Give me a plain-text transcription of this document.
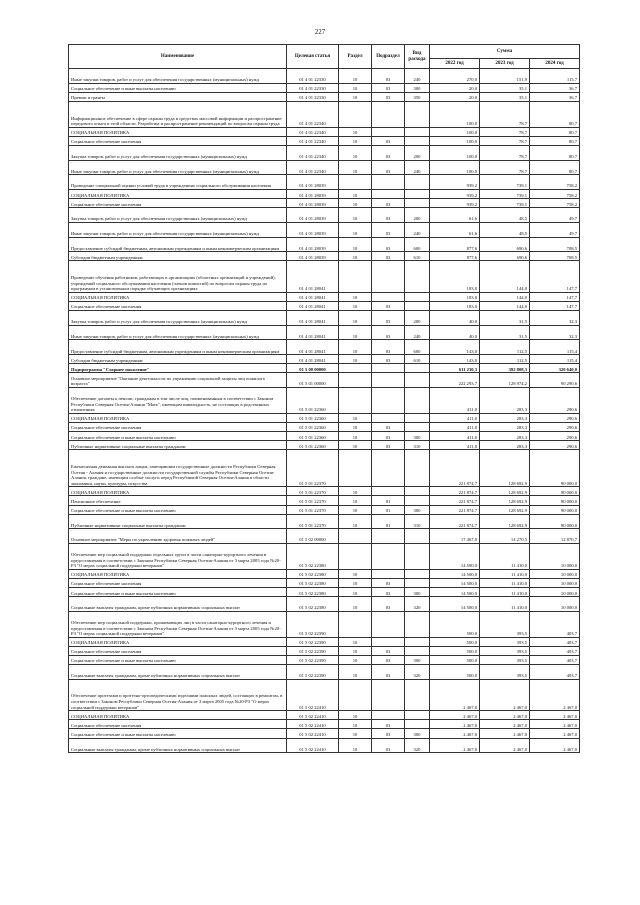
227
Наименование	Целевая статья	Раздел	Подраздел	Вид расхода	Сумма		
					2022 год	2023 год	2024 год
Иные закупки товаров, работ и услуг для обеспечения государственных (муниципальных) нужд	01 4 01 22330	10	03	240	270,0	151,9	115,7
Социальное обеспечение и иные выплаты населению	01 4 01 22330	10	03	300	20,0	35,1	36,7
Премии и гранты	01 4 01 22330	10	03	350	20,0	35,1	36,7
Информационное обеспечение в сфере охраны труда в средствах массовой информации и распространение передового опыта в этой области. Разработка и распространение рекомендаций по вопросам охраны труда	01 4 01 22340				100,0	78,7	80,7
СОЦИАЛЬНАЯ ПОЛИТИКА	01 4 01 22340	10			100,0	78,7	80,7
Социальное обеспечение населения	01 4 01 22340	10	03		100,0	78,7	80,7
Закупка товаров, работ и услуг для обеспечения государственных (муниципальных) нужд	01 4 01 22340	10	03	200	100,0	78,7	80,7
Иные закупки товаров, работ и услуг для обеспечения государственных (муниципальных) нужд	01 4 01 22340	10	03	240	100,0	78,7	80,7
Проведение специальной оценки условий труда в учреждениях социального обслуживания населения	01 4 01 28039				939,2	739,1	758,2
СОЦИАЛЬНАЯ ПОЛИТИКА	01 4 01 28039	10			939,2	739,1	758,2
Социальное обеспечение населения	01 4 01 28039	10	03		939,2	739,1	758,2
Закупка товаров, работ и услуг для обеспечения государственных (муниципальных) нужд	01 4 01 28039	10	03	200	61,6	48,5	49,7
Иные закупки товаров, работ и услуг для обеспечения государственных (муниципальных) нужд	01 4 01 28039	10	03	240	61,6	48,5	49,7
Предоставление субсидий бюджетным, автономным учреждениям и иным некоммерческим организациям	01 4 01 28039	10	03	600	877,6	690,6	708,5
Субсидии бюджетным учреждениям	01 4 01 28039	10	03	610	877,6	690,6	708,5
Проведение обучения работников, работающих в организациях (областных организаций и учреждений), учреждений социального обслуживания населения (членов комиссий) по вопросам охраны труда по программам в установленном порядке обучающих организациях	01 4 01 28041				183,0	144,0	147,7
СОЦИАЛЬНАЯ ПОЛИТИКА	01 4 01 28041	10			183,0	144,0	147,7
Социальное обеспечение населения	01 4 01 28041	10	03		183,0	144,0	147,7
Закупка товаров, работ и услуг для обеспечения государственных (муниципальных) нужд	01 4 01 28041	10	03	200	40,0	31,5	32,3
Иные закупки товаров, работ и услуг для обеспечения государственных (муниципальных) нужд	01 4 01 28041	10	03	240	40,0	31,5	32,3
Предоставление субсидий бюджетным, автономным учреждениям и иным некоммерческим организациям	01 4 01 28041	10	03	600	143,0	112,5	115,4
Субсидии бюджетным учреждениям	01 4 01 28041	10	03	610	143,0	112,5	115,4
Подпрограмма "Старшее поколение"	01 5 00 00000				611 230,3	392 808,3	320 640,0
Основное мероприятие "Оказание деятельности по управлению социальной защиты лиц пожилого возраста"	01 5 01 00000				222 293,7	128 974,2	90 290,6
Обеспечение доплаты к пенсии, гражданам в том числе лиц, поименованным в соответствии с Законом Республики Северная Осетия-Алания "Мать", имеющим инвалидность, не состоящих в родственных отношениях	01 5 01 22360				411,0	283,3	290,6
СОЦИАЛЬНАЯ ПОЛИТИКА	01 5 01 22360	10			411,0	283,3	290,6
Социальное обеспечение населения	01 5 01 22360	10	03		411,0	283,3	290,6
Социальное обеспечение и иные выплаты населению	01 5 01 22360	10	03	300	411,0	283,3	290,6
Публичные нормативные социальные выплаты гражданам	01 5 01 22360	10	03	310	411,0	283,3	290,6
Ежемесячная денежная выплата лицам, замещавшим государственные должности Республики Северная Осетия - Алания и государственные должности государственной службы Республики Северная Осетия-Алания, граждане, имеющим особые заслуги перед Республикой Северная Осетия-Алания в области экономики, науки, культуры, искусства	01 5 01 22370				221 874,7	128 692,9	90 000,0
СОЦИАЛЬНАЯ ПОЛИТИКА	01 5 01 22370	10			221 874,7	128 692,9	90 000,0
Пенсионное обеспечение	01 5 01 22370	10	01		221 874,7	128 692,9	90 000,0
Социальное обеспечение и иные выплаты населению	01 5 01 22370	10	01	300	221 874,7	128 692,9	90 000,0
Публичные нормативные социальные выплаты гражданам	01 5 01 22370	10	01	310	221 874,7	128 692,9	90 000,0
Основное мероприятие "Меры по укреплению здоровья пожилых людей"	01 5 02 00000				17 467,0	14 270,5	12 870,7
Обеспечение мер социальной поддержки отдельных групп в части санаторно-курортного лечения и предоставления в соответствии с Законом Республики Северная Осетия-Алания от 3 марта 2005 года №20-РЗ "О мерах социальной поддержки ветеранов"	01 5 02 22380				14 500,0	11 410,0	10 000,0
СОЦИАЛЬНАЯ ПОЛИТИКА	01 5 02 22380	10			14 500,0	11 410,0	10 000,0
Социальное обеспечение населения	01 5 02 22380	10	03		14 500,0	11 410,0	10 000,0
Социальное обеспечение и иные выплаты населению	01 5 02 22380	10	03	300	14 500,0	11 410,0	10 000,0
Социальные выплаты гражданам, кроме публичных нормативных социальных выплат	01 5 02 22380	10	03	320	14 500,0	11 410,0	10 000,0
Обеспечение мер социальной поддержки, проживающих лиц в части санаторно-курортного лечения и предоставления в соответствии с Законом Республики Северная Осетия-Алания от 3 марта 2005 года №20-РЗ "О мерах социальной поддержки ветеранов"	01 5 02 22390				500,0	393,5	403,7
СОЦИАЛЬНАЯ ПОЛИТИКА	01 5 02 22390	10			500,0	393,5	403,7
Социальное обеспечение населения	01 5 02 22390	10	03		500,0	393,5	403,7
Социальное обеспечение и иные выплаты населению	01 5 02 22390	10	03	300	500,0	393,5	403,7
Социальные выплаты гражданам, кроме публичных нормативных социальных выплат	01 5 02 22390	10	03	320	500,0	393,5	403,7
Обеспечение протезами и протезно-ортопедическими изделиями пожилых людей, состоящих в ремонтом, в соответствии с Законом Республики Северная Осетия-Алания от 3 марта 2005 года №20-РЗ "О мерах социальной поддержки ветеранов"	01 5 02 22410				2 467,0	2 467,0	2 467,0
СОЦИАЛЬНАЯ ПОЛИТИКА	01 5 02 22410	10			2 467,0	2 467,0	2 467,0
Социальное обеспечение населения	01 5 02 22410	10	03		2 467,0	2 467,0	2 467,0
Социальное обеспечение и иные выплаты населению	01 5 02 22410	10	03	300	2 467,0	2 467,0	2 467,0
Социальные выплаты гражданам, кроме публичных нормативных социальных выплат	01 5 02 22410	10	03	320	2 467,0	2 467,0	2 467,0
